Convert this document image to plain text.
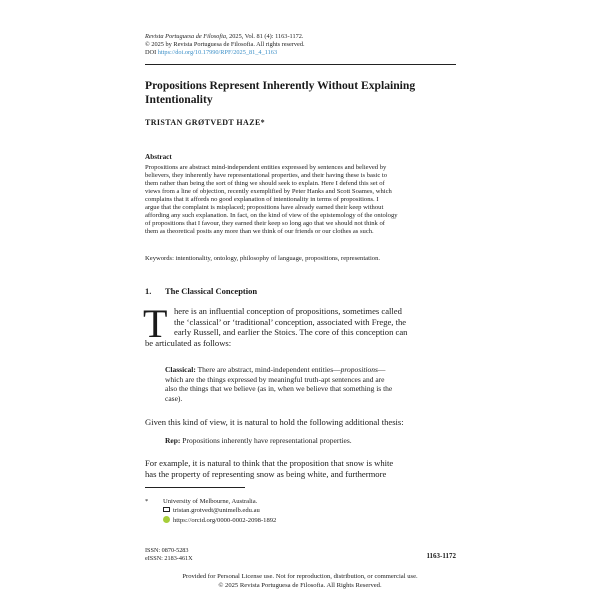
Revista Portuguesa de Filosofia, 2025, Vol. 81 (4): 1163-1172.
© 2025 by Revista Portuguesa de Filosofia. All rights reserved.
DOI https://doi.org/10.17990/RPF/2025_81_4_1163
Propositions Represent Inherently Without Explaining
Intentionality
TRISTAN GRØTVEDT HAZE*
Abstract
Propositions are abstract mind-independent entities expressed by sentences and believed by
believers, they inherently have representational properties, and their having these is basic to
them rather than being the sort of thing we should seek to explain. Here I defend this set of
views from a line of objection, recently exemplified by Peter Hanks and Scott Soames, which
complains that it affords no good explanation of intentionality in terms of propositions. I
argue that the complaint is misplaced; propositions have already earned their keep without
affording any such explanation. In fact, on the kind of view of the epistemology of the ontology
of propositions that I favour, they earned their keep so long ago that we should not think of
them as theoretical posits any more than we think of our friends or our clothes as such.
Keywords: intentionality, ontology, philosophy of language, propositions, representation.
1. The Classical Conception
T here is an influential conception of propositions, sometimes called
the ‘classical’ or ‘traditional’ conception, associated with Frege, the
early Russell, and earlier the Stoics. The core of this conception can
be articulated as follows:
Classical: There are abstract, mind-independent entities—propositions—
which are the things expressed by meaningful truth-apt sentences and are
also the things that we believe (as in, when we believe that something is the
case).
Given this kind of view, it is natural to hold the following additional thesis:
Rep: Propositions inherently have representational properties.
For example, it is natural to think that the proposition that snow is white
has the property of representing snow as being white, and furthermore
* University of Melbourne, Australia.
tristan.grotvedt@unimelb.edu.au
https://orcid.org/0000-0002-2098-1892
ISSN: 0870-5283
eISSN: 2183-461X	1163-1172
Provided for Personal License use. Not for reproduction, distribution, or commercial use.
© 2025 Revista Portuguesa de Filosofia. All Rights Reserved.
